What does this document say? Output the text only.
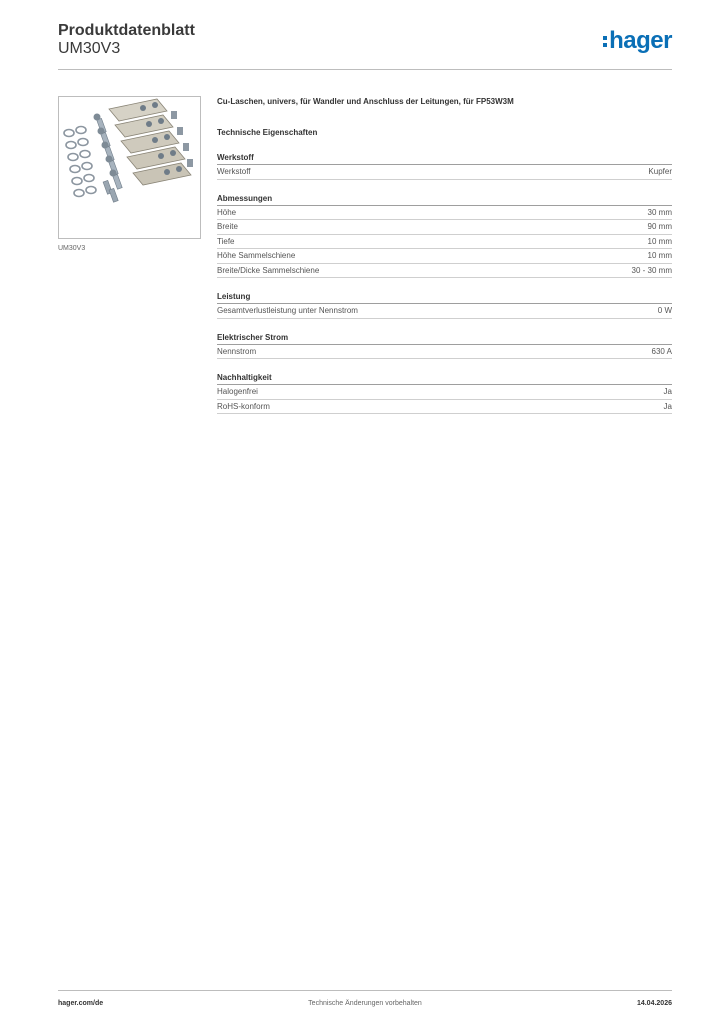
Produktdatenblatt
UM30V3	hager
UM30V3
Cu-Laschen, univers, für Wandler und Anschluss der Leitungen, für FP53W3M
Technische Eigenschaften
Werkstoff
Werkstoff	Kupfer
Abmessungen
Höhe	30 mm
Breite	90 mm
Tiefe	10 mm
Höhe Sammelschiene	10 mm
Breite/Dicke Sammelschiene	30 - 30 mm
Leistung
Gesamtverlustleistung unter Nennstrom	0 W
Elektrischer Strom
Nennstrom	630 A
Nachhaltigkeit
Halogenfrei	Ja
RoHS-konform	Ja
hager.com/de	Technische Änderungen vorbehalten	14.04.2026
